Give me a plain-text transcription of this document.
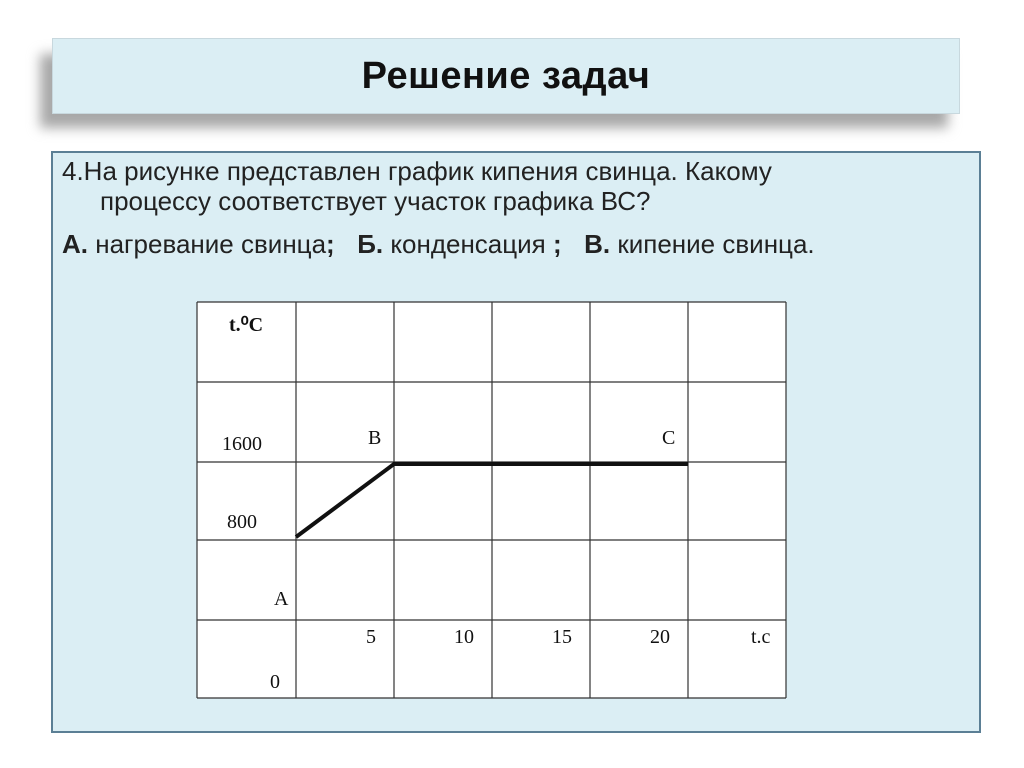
Решение задач
4.На рисунке представлен график кипения свинца. Какому
процессу соответствует участок графика ВС?
А. нагревание свинца; Б. конденсация ; В. кипение свинца.
t.⁰C
1600
800
0
5	10	15	20	t.c
A
B	C
